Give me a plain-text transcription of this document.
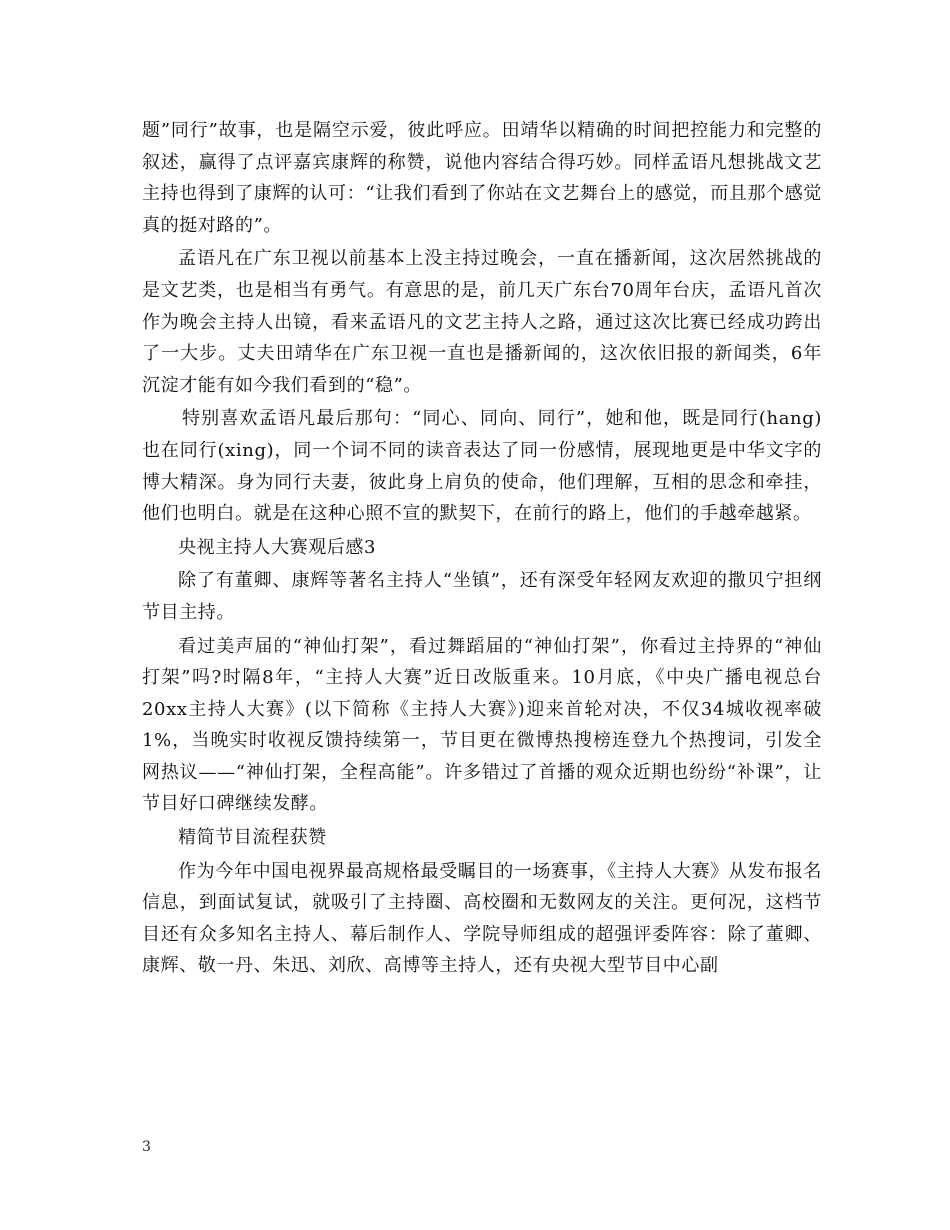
题”同行”故事，也是隔空示爱，彼此呼应。田靖华以精确的时间把控能力和完整的叙述，赢得了点评嘉宾康辉的称赞，说他内容结合得巧妙。同样孟语凡想挑战文艺主持也得到了康辉的认可：“让我们看到了你站在文艺舞台上的感觉，而且那个感觉真的挺对路的”。

孟语凡在广东卫视以前基本上没主持过晚会，一直在播新闻，这次居然挑战的是文艺类，也是相当有勇气。有意思的是，前几天广东台70周年台庆，孟语凡首次作为晚会主持人出镜，看来孟语凡的文艺主持人之路，通过这次比赛已经成功跨出了一大步。丈夫田靖华在广东卫视一直也是播新闻的，这次依旧报的新闻类，6年沉淀才能有如今我们看到的“稳”。

特别喜欢孟语凡最后那句：“同心、同向、同行”，她和他，既是同行(hang)也在同行(xing)，同一个词不同的读音表达了同一份感情，展现地更是中华文字的博大精深。身为同行夫妻，彼此身上肩负的使命，他们理解，互相的思念和牵挂，他们也明白。就是在这种心照不宣的默契下，在前行的路上，他们的手越牵越紧。

央视主持人大赛观后感3

除了有董卿、康辉等著名主持人“坐镇”，还有深受年轻网友欢迎的撒贝宁担纲节目主持。

看过美声届的“神仙打架”，看过舞蹈届的“神仙打架”，你看过主持界的“神仙打架”吗?时隔8年，“主持人大赛”近日改版重来。10月底，《中央广播电视总台20xx主持人大赛》(以下简称《主持人大赛》)迎来首轮对决，不仅34城收视率破1%，当晚实时收视反馈持续第一，节目更在微博热搜榜连登九个热搜词，引发全网热议——“神仙打架，全程高能”。许多错过了首播的观众近期也纷纷“补课”，让节目好口碑继续发酵。

精简节目流程获赞

作为今年中国电视界最高规格最受瞩目的一场赛事，《主持人大赛》从发布报名信息，到面试复试，就吸引了主持圈、高校圈和无数网友的关注。更何况，这档节目还有众多知名主持人、幕后制作人、学院导师组成的超强评委阵容：除了董卿、康辉、敬一丹、朱迅、刘欣、高博等主持人，还有央视大型节目中心副

3
